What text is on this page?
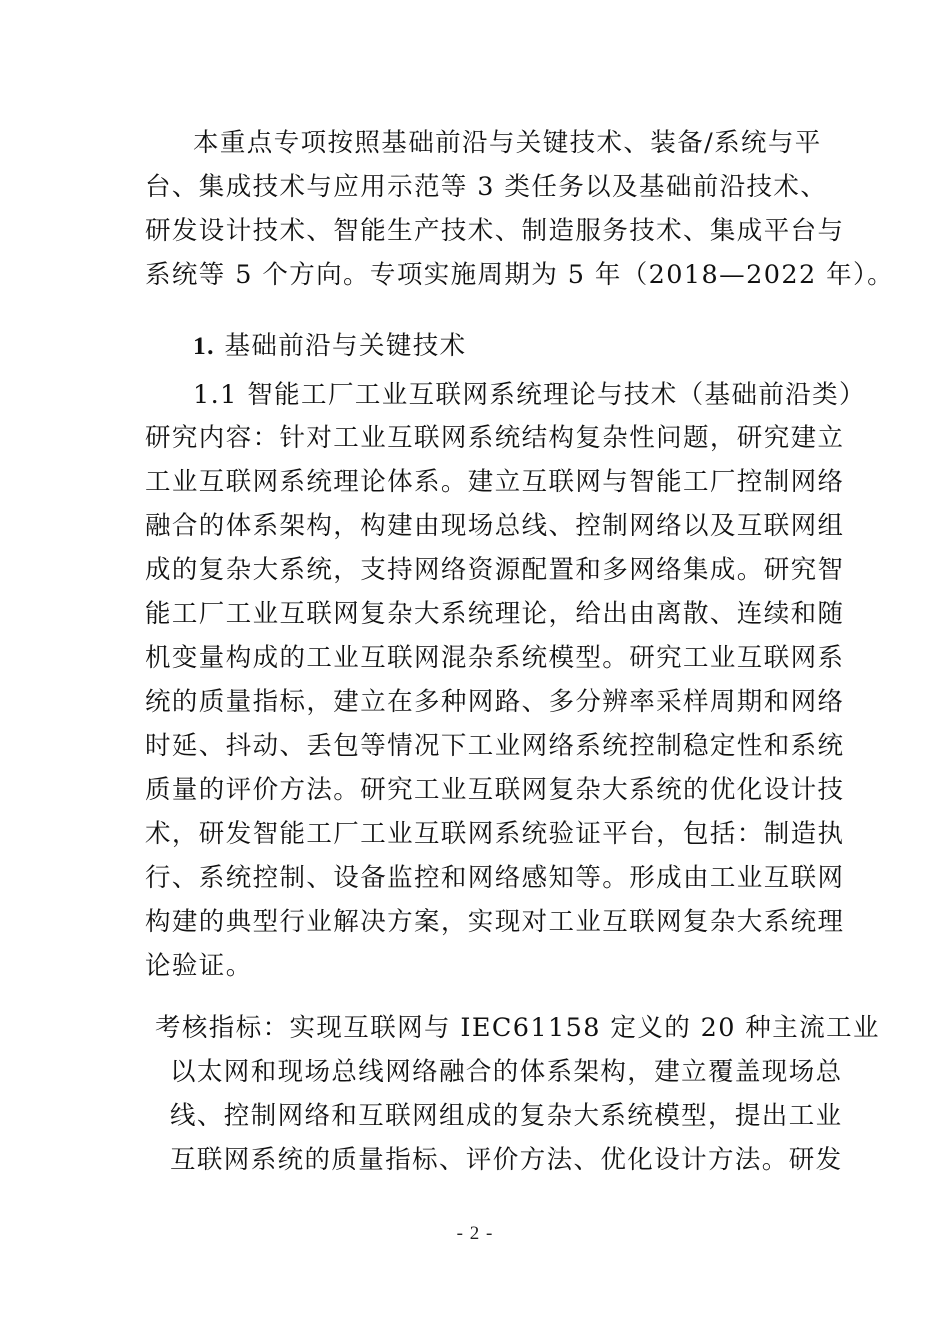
本重点专项按照基础前沿与关键技术、装备/系统与平
台、集成技术与应用示范等 3 类任务以及基础前沿技术、
研发设计技术、智能生产技术、制造服务技术、集成平台与
系统等 5 个方向。专项实施周期为 5 年（2018—2022 年）。
1. 基础前沿与关键技术
1.1 智能工厂工业互联网系统理论与技术（基础前沿类）
研究内容：针对工业互联网系统结构复杂性问题，研究建立
工业互联网系统理论体系。建立互联网与智能工厂控制网络
融合的体系架构，构建由现场总线、控制网络以及互联网组
成的复杂大系统，支持网络资源配置和多网络集成。研究智
能工厂工业互联网复杂大系统理论，给出由离散、连续和随
机变量构成的工业互联网混杂系统模型。研究工业互联网系
统的质量指标，建立在多种网路、多分辨率采样周期和网络
时延、抖动、丢包等情况下工业网络系统控制稳定性和系统
质量的评价方法。研究工业互联网复杂大系统的优化设计技
术，研发智能工厂工业互联网系统验证平台，包括：制造执
行、系统控制、设备监控和网络感知等。形成由工业互联网
构建的典型行业解决方案，实现对工业互联网复杂大系统理
论验证。
考核指标：实现互联网与 IEC61158 定义的 20 种主流工业
以太网和现场总线网络融合的体系架构，建立覆盖现场总
线、控制网络和互联网组成的复杂大系统模型，提出工业
互联网系统的质量指标、评价方法、优化设计方法。研发
- 2 -
